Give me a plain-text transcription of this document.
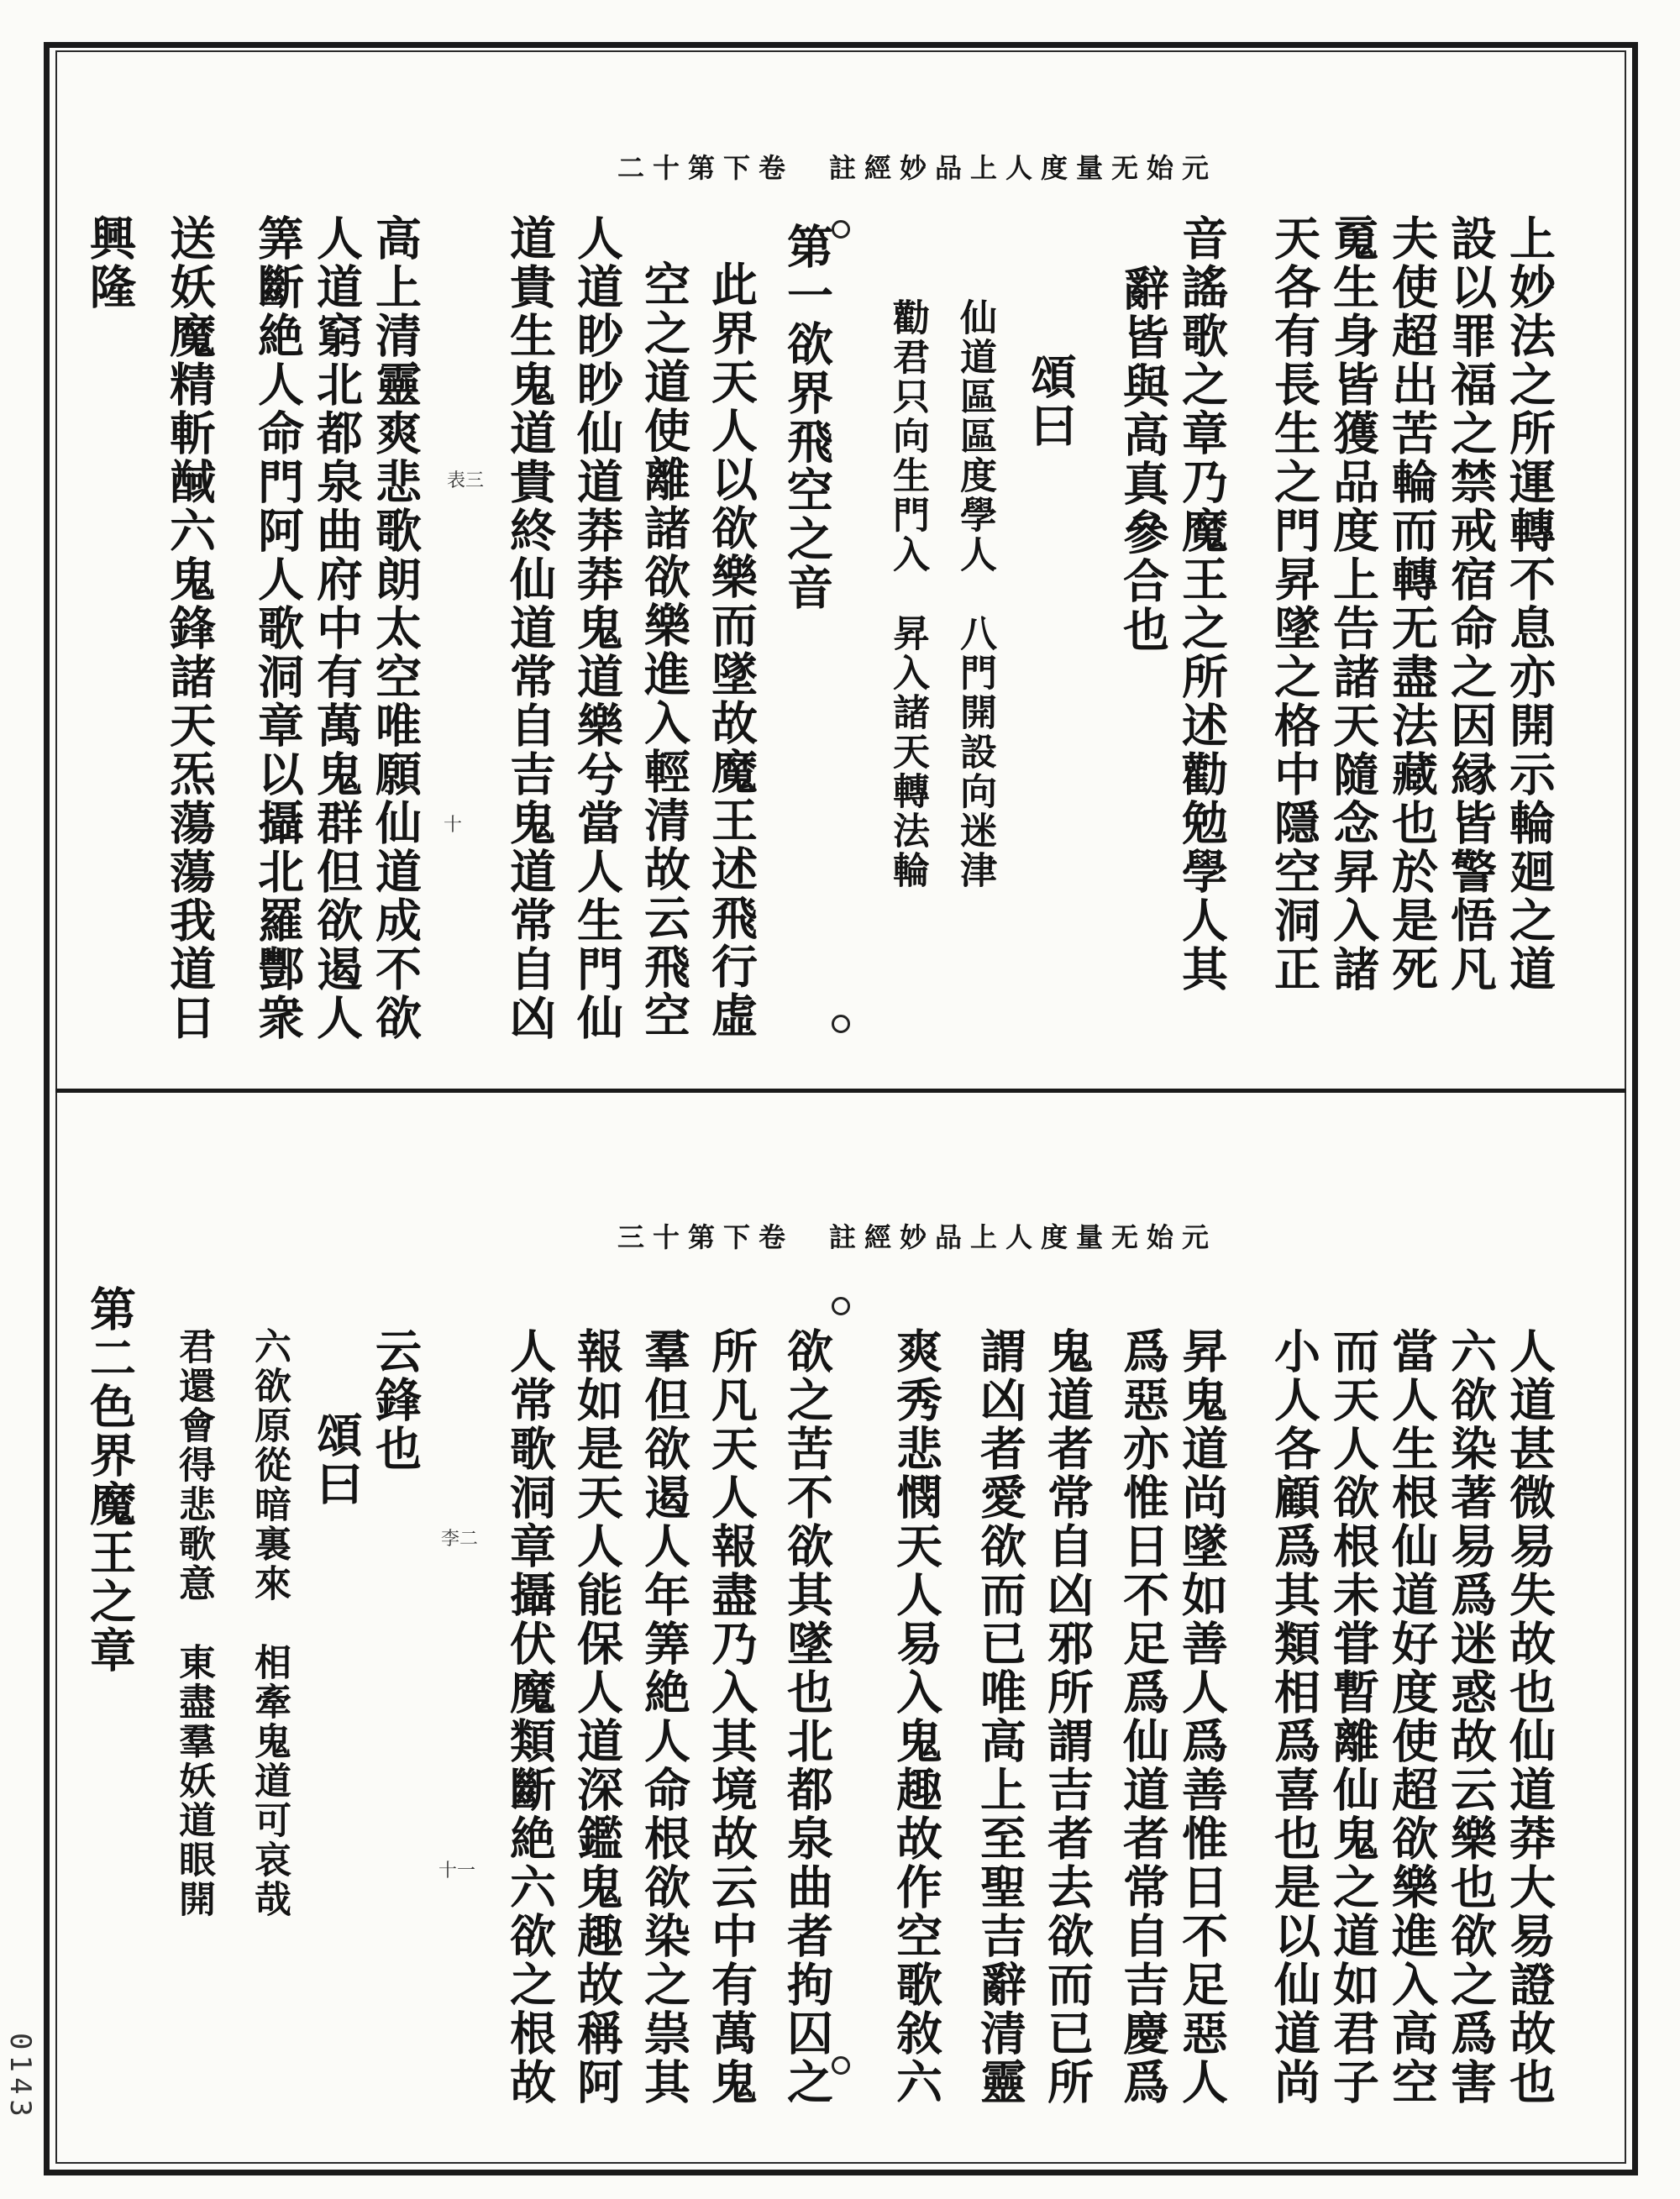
二十第下卷　註經妙品上人度量无始元
上妙法之所運轉不息亦開示輪廻之道
設以罪福之禁戒宿命之因縁皆警悟凡
夫使超出苦輪而轉无盡法藏也於是死
䰟生身皆獲品度上告諸天隨念昇入諸
天各有長生之門昇墜之格中隱空洞正
音謠歌之章乃魔王之所述勸勉學人其
辭皆與高真參合也
頌曰
仙道區區度學人　八門開設向迷津
勸君只向生門入　昇入諸天轉法輪
第一欲界飛空之音
此界天人以欲樂而墜故魔王述飛行虛
空之道使離諸欲樂進入輕清故云飛空
人道眇眇仙道莽莽鬼道樂兮當人生門仙
道貴生鬼道貴終仙道常自吉鬼道常自凶
高上清靈爽悲歌朗太空唯願仙道成不欲
人道窮北都泉曲府中有萬鬼群但欲遏人
筭斷絶人命門阿人歌洞章以攝北羅酆衆
送妖魔精斬䤋六鬼鋒諸天炁蕩蕩我道日
興隆
表三
十
三十第下卷　註經妙品上人度量无始元
人道甚微易失故也仙道莽大易證故也
六欲染著易爲迷惑故云樂也欲之爲害
當人生根仙道好度使超欲樂進入高空
而天人欲根未甞暫離仙鬼之道如君子
小人各顧爲其類相爲喜也是以仙道尚
昇鬼道尚墜如善人爲善惟日不足惡人
爲惡亦惟日不足爲仙道者常自吉慶爲
鬼道者常自凶邪所謂吉者去欲而已所
謂凶者愛欲而已唯高上至聖吉辭清靈
爽秀悲憫天人易入鬼趣故作空歌敘六
欲之苦不欲其墜也北都泉曲者拘囚之
所凡天人報盡乃入其境故云中有萬鬼
羣但欲遏人年筭絶人命根欲染之祟其
報如是天人能保人道深鑑鬼趣故稱阿
人常歌洞章攝伏魔類斷絶六欲之根故
云鋒也
頌曰
六欲原從暗裏來　相牽鬼道可哀哉
君還會得悲歌意　東盡羣妖道眼開
第二色界魔王之章	李二
十一
0143
